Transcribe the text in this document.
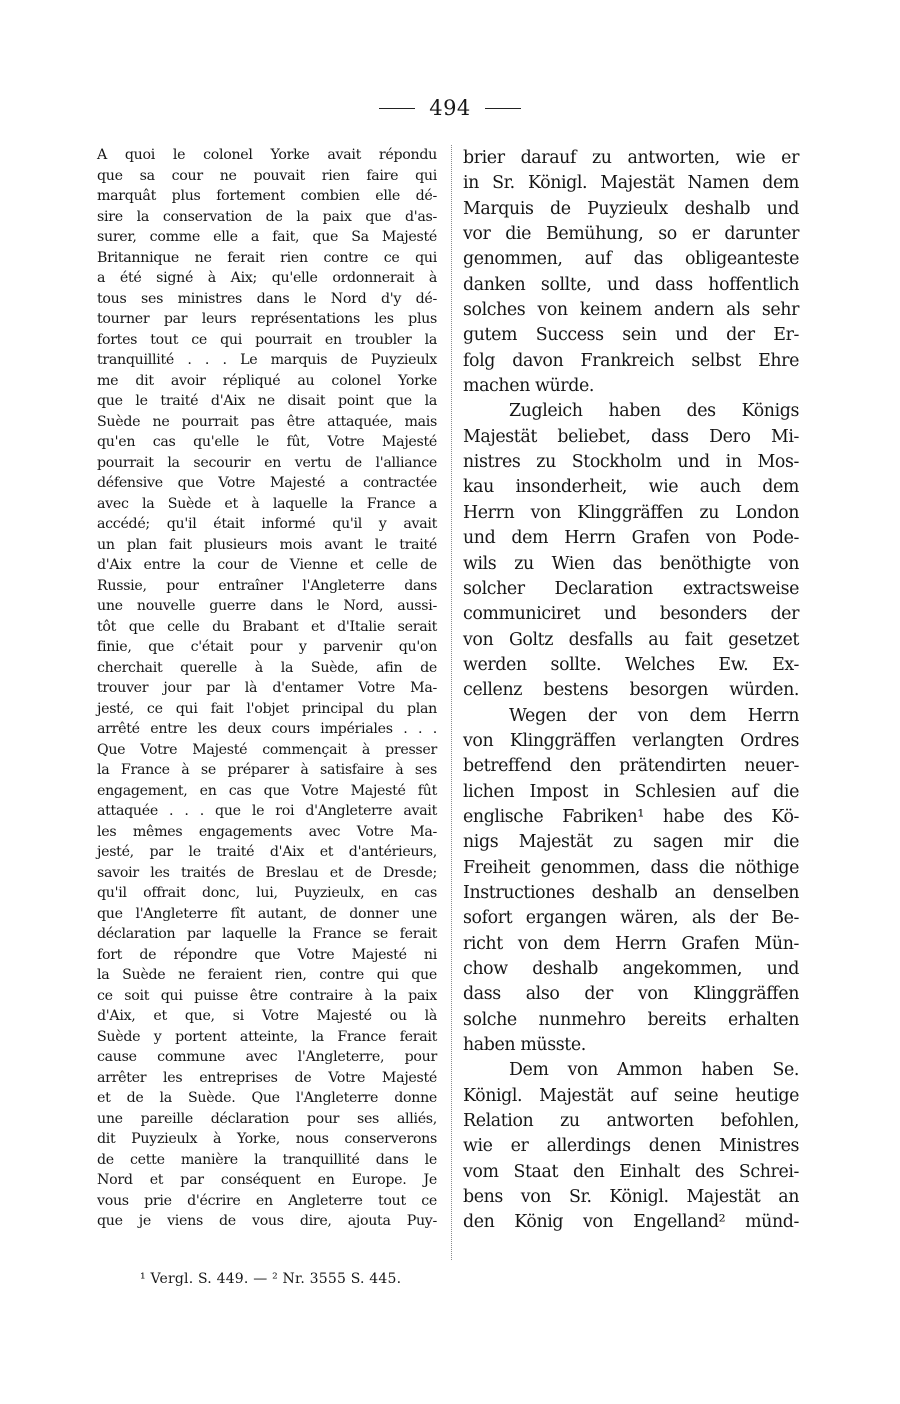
494
A quoi le colonel Yorke avait répondu
que sa cour ne pouvait rien faire qui
marquât plus fortement combien elle dé-
sire la conservation de la paix que d'as-
surer, comme elle a fait, que Sa Majesté
Britannique ne ferait rien contre ce qui
a été signé à Aix; qu'elle ordonnerait à
tous ses ministres dans le Nord d'y dé-
tourner par leurs représentations les plus
fortes tout ce qui pourrait en troubler la
tranquillité . . . Le marquis de Puyzieulx
me dit avoir répliqué au colonel Yorke
que le traité d'Aix ne disait point que la
Suède ne pourrait pas être attaquée, mais
qu'en cas qu'elle le fût, Votre Majesté
pourrait la secourir en vertu de l'alliance
défensive que Votre Majesté a contractée
avec la Suède et à laquelle la France a
accédé; qu'il était informé qu'il y avait
un plan fait plusieurs mois avant le traité
d'Aix entre la cour de Vienne et celle de
Russie, pour entraîner l'Angleterre dans
une nouvelle guerre dans le Nord, aussi-
tôt que celle du Brabant et d'Italie serait
finie, que c'était pour y parvenir qu'on
cherchait querelle à la Suède, afin de
trouver jour par là d'entamer Votre Ma-
jesté, ce qui fait l'objet principal du plan
arrêté entre les deux cours impériales . . .
Que Votre Majesté commençait à presser
la France à se préparer à satisfaire à ses
engagement, en cas que Votre Majesté fût
attaquée . . . que le roi d'Angleterre avait
les mêmes engagements avec Votre Ma-
jesté, par le traité d'Aix et d'antérieurs,
savoir les traités de Breslau et de Dresde;
qu'il offrait donc, lui, Puyzieulx, en cas
que l'Angleterre fît autant, de donner une
déclaration par laquelle la France se ferait
fort de répondre que Votre Majesté ni
la Suède ne feraient rien, contre qui que
ce soit qui puisse être contraire à la paix
d'Aix, et que, si Votre Majesté ou là
Suède y portent atteinte, la France ferait
cause commune avec l'Angleterre, pour
arrêter les entreprises de Votre Majesté
et de la Suède. Que l'Angleterre donne
une pareille déclaration pour ses alliés,
dit Puyzieulx à Yorke, nous conserverons
de cette manière la tranquillité dans le
Nord et par conséquent en Europe. Je
vous prie d'écrire en Angleterre tout ce
que je viens de vous dire, ajouta Puy-
brier darauf zu antworten, wie er
in Sr. Königl. Majestät Namen dem
Marquis de Puyzieulx deshalb und
vor die Bemühung, so er darunter
genommen, auf das obligeanteste
danken sollte, und dass hoffentlich
solches von keinem andern als sehr
gutem Success sein und der Er-
folg davon Frankreich selbst Ehre
machen würde.
Zugleich haben des Königs
Majestät beliebet, dass Dero Mi-
nistres zu Stockholm und in Mos-
kau insonderheit, wie auch dem
Herrn von Klinggräffen zu London
und dem Herrn Grafen von Pode-
wils zu Wien das benöthigte von
solcher Declaration extractsweise
communiciret und besonders der
von Goltz desfalls au fait gesetzet
werden sollte. Welches Ew. Ex-
cellenz bestens besorgen würden.
Wegen der von dem Herrn
von Klinggräffen verlangten Ordres
betreffend den prätendirten neuer-
lichen Impost in Schlesien auf die
englische Fabriken¹ habe des Kö-
nigs Majestät zu sagen mir die
Freiheit genommen, dass die nöthige
Instructiones deshalb an denselben
sofort ergangen wären, als der Be-
richt von dem Herrn Grafen Mün-
chow deshalb angekommen, und
dass also der von Klinggräffen
solche nunmehro bereits erhalten
haben müsste.
Dem von Ammon haben Se.
Königl. Majestät auf seine heutige
Relation zu antworten befohlen,
wie er allerdings denen Ministres
vom Staat den Einhalt des Schrei-
bens von Sr. Königl. Majestät an
den König von Engelland² münd-
¹ Vergl. S. 449. — ² Nr. 3555 S. 445.
